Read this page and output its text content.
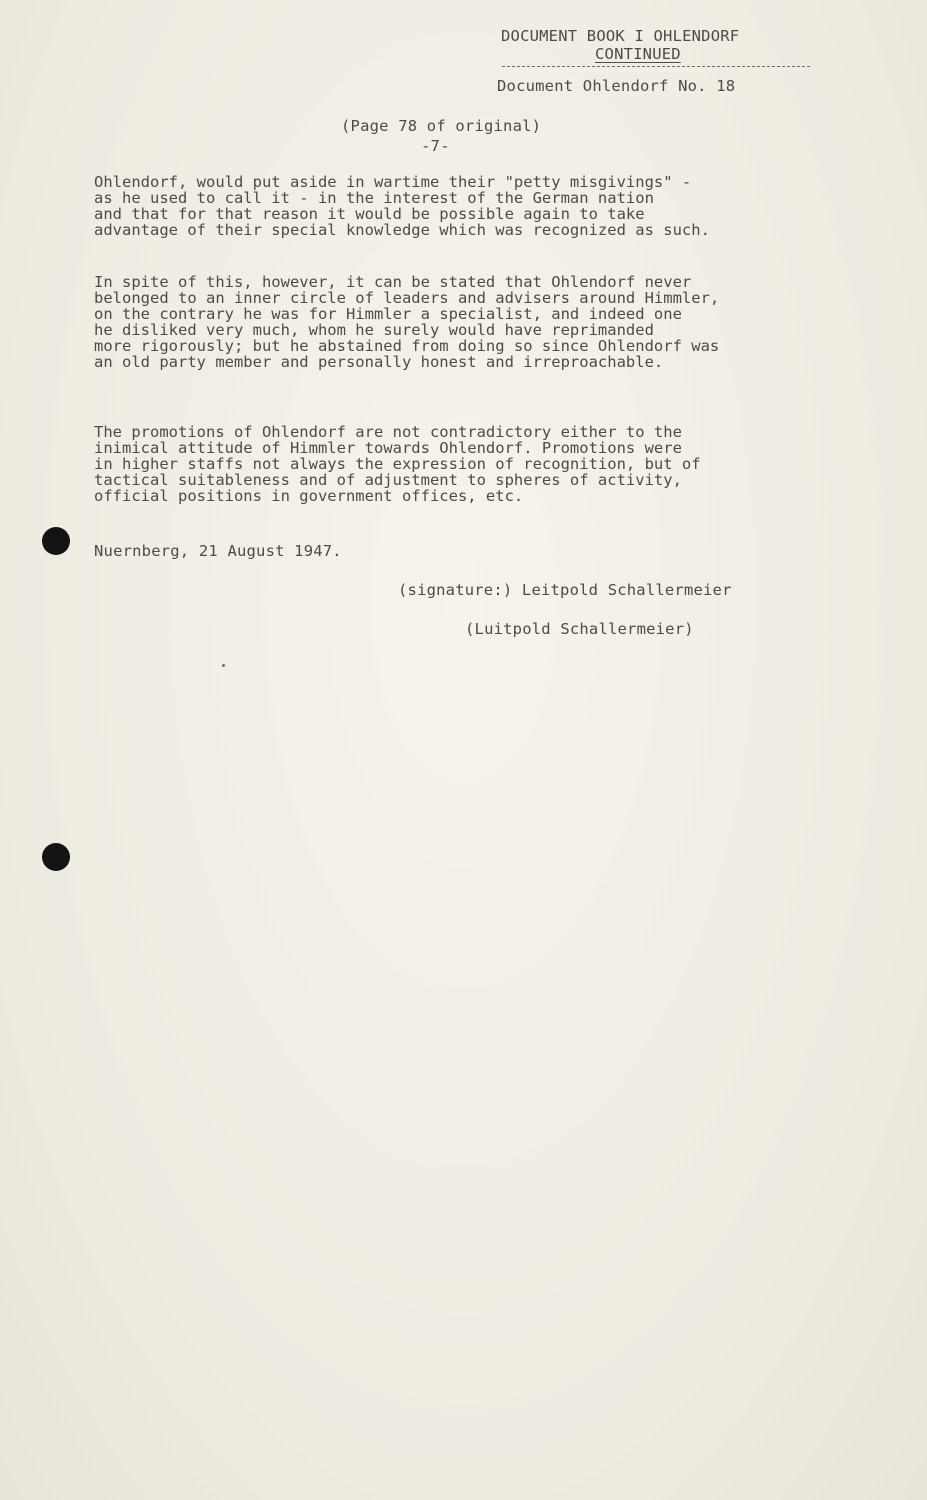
DOCUMENT BOOK I OHLENDORF
CONTINUED
Document Ohlendorf No. 18
(Page 78 of original)
-7-
Ohlendorf, would put aside in wartime their "petty misgivings" -
as he used to call it - in the interest of the German nation
and that for that reason it would be possible again to take
advantage of their special knowledge which was recognized as such.
In spite of this, however, it can be stated that Ohlendorf never
belonged to an inner circle of leaders and advisers around Himmler,
on the contrary he was for Himmler a specialist, and indeed one
he disliked very much, whom he surely would have reprimanded
more rigorously; but he abstained from doing so since Ohlendorf was
an old party member and personally honest and irreproachable.
The promotions of Ohlendorf are not contradictory either to the
inimical attitude of Himmler towards Ohlendorf. Promotions were
in higher staffs not always the expression of recognition, but of
tactical suitableness and of adjustment to spheres of activity,
official positions in government offices, etc.
Nuernberg, 21 August 1947.
(signature:) Leitpold Schallermeier
(Luitpold Schallermeier)
